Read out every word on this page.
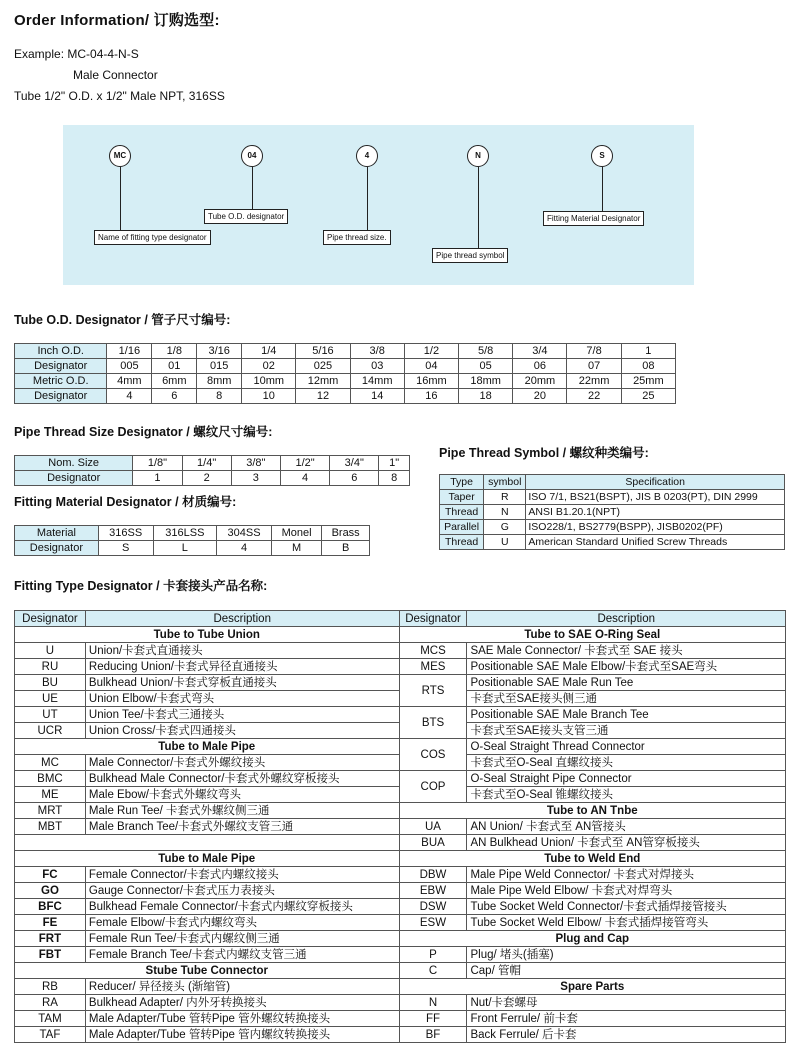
Order Information/ 订购选型:
Example: MC-04-4-N-S
Male Connector
Tube 1/2" O.D. x 1/2" Male NPT, 316SS
MC
Name of fitting type designator
04
Tube O.D. designator
4
Pipe thread size.
N
Pipe thread symbol
S
Fitting Material Designator
Tube O.D. Designator / 管子尺寸编号:
Inch O.D.	1/16	1/8	3/16	1/4	5/16	3/8	1/2	5/8	3/4	7/8	1
Designator	005	01	015	02	025	03	04	05	06	07	08
Metric O.D.	4mm	6mm	8mm	10mm	12mm	14mm	16mm	18mm	20mm	22mm	25mm
Designator	4	6	8	10	12	14	16	18	20	22	25
Pipe Thread Size Designator / 螺纹尺寸编号:
Nom. Size	1/8"	1/4"	3/8"	1/2"	3/4"	1"
Designator	1	2	3	4	6	8
Fitting Material Designator / 材质编号:
Material	316SS	316LSS	304SS	Monel	Brass
Designator	S	L	4	M	B
Pipe Thread Symbol / 螺纹种类编号:
Type	symbol	Specification
Taper	R	ISO 7/1, BS21(BSPT), JIS B 0203(PT), DIN 2999
Thread	N	ANSI B1.20.1(NPT)
Parallel	G	ISO228/1, BS2779(BSPP), JISB0202(PF)
Thread	U	American Standard Unified Screw Threads
Fitting Type Designator / 卡套接头产品名称:
Designator	Description	Designator	Description
Tube to Tube Union		Tube to SAE O-Ring Seal	
U	Union/卡套式直通接头	MCS	SAE Male Connector/ 卡套式至 SAE 接头
RU	Reducing Union/卡套式异径直通接头	MES	Positionable SAE Male Elbow/卡套式至SAE弯头
BU	Bulkhead Union/卡套式穿板直通接头	RTS	Positionable SAE Male Run Tee
UE	Union Elbow/卡套式弯头		卡套式至SAE接头侧三通
UT	Union Tee/卡套式三通接头	BTS	Positionable SAE Male Branch Tee
UCR	Union Cross/卡套式四通接头		卡套式至SAE接头支管三通
Tube to Male Pipe		COS	O-Seal Straight Thread Connector
MC	Male Connector/卡套式外螺纹接头		卡套式至O-Seal 直螺纹接头
BMC	Bulkhead Male Connector/卡套式外螺纹穿板接头	COP	O-Seal Straight Pipe Connector
ME	Male Ebow/卡套式外螺纹弯头		卡套式至O-Seal 锥螺纹接头
MRT	Male Run Tee/ 卡套式外螺纹侧三通	Tube to AN Tnbe	
MBT	Male Branch Tee/卡套式外螺纹支管三通	UA	AN Union/ 卡套式至 AN管接头
		BUA	AN Bulkhead Union/ 卡套式至 AN管穿板接头
Tube to Male Pipe		Tube to Weld End	
FC	Female Connector/卡套式内螺纹接头	DBW	Male Pipe Weld Connector/ 卡套式对焊接头
GO	Gauge Connector/卡套式压力表接头	EBW	Male Pipe Weld Elbow/ 卡套式对焊弯头
BFC	Bulkhead Female Connector/卡套式内螺纹穿板接头	DSW	Tube Socket Weld Connector/卡套式插焊接管接头
FE	Female Elbow/卡套式内螺纹弯头	ESW	Tube Socket Weld Elbow/ 卡套式插焊接管弯头
FRT	Female Run Tee/卡套式内螺纹侧三通	Plug and Cap	
FBT	Female Branch Tee/卡套式内螺纹支管三通	P	Plug/ 堵头(插塞)
Stube Tube Connector		C	Cap/ 管帽
RB	Reducer/ 异径接头 (渐缩管)	Spare Parts	
RA	Bulkhead Adapter/ 内外牙转换接头	N	Nut/卡套螺母
TAM	Male Adapter/Tube 管转Pipe 管外螺纹转换接头	FF	Front Ferrule/ 前卡套
TAF	Male Adapter/Tube 管转Pipe 管内螺纹转换接头	BF	Back Ferrule/ 后卡套
